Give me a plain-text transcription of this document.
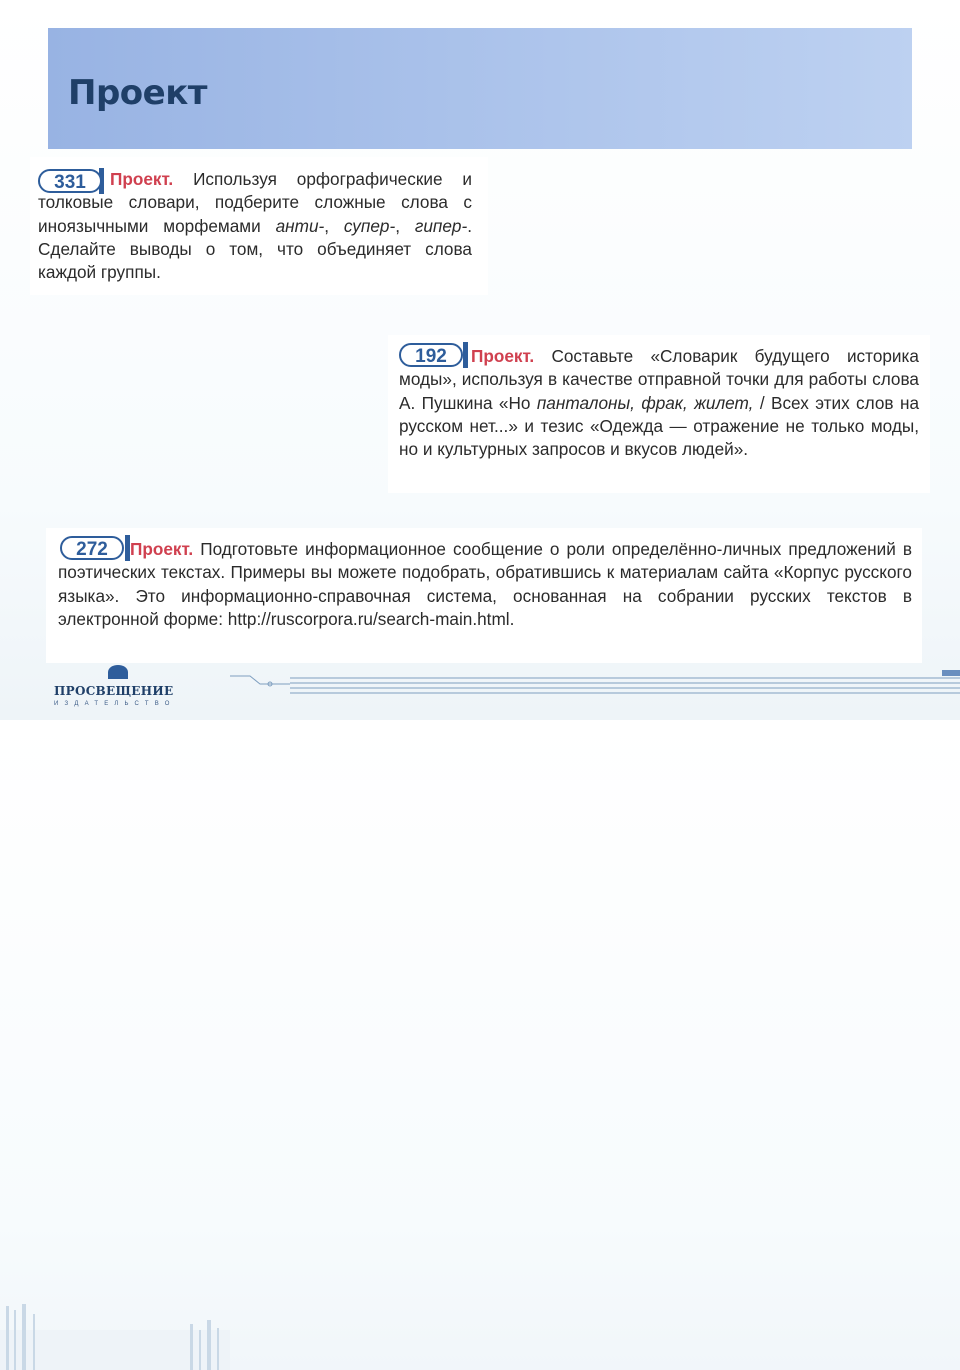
Проект
331	Проект. Используя орфографические и толковые словари, подберите сложные слова с иноязычными морфемами анти-, супер-, гипер-. Сделайте выводы о том, что объединяет слова каждой группы.
192	Проект. Составьте «Словарик будущего историка моды», используя в качестве отправной точки для работы слова А. Пушкина «Но панталоны, фрак, жилет, / Всех этих слов на русском нет...» и тезис «Одежда — отражение не только моды, но и культурных запросов и вкусов людей».
272	Проект. Подготовьте информационное сообщение о роли определённо-личных предложений в поэтических текстах. Примеры вы можете подобрать, обратившись к материалам сайта «Корпус русского языка». Это информационно-справочная система, основанная на собрании русских текстов в электронной форме: http://ruscorpora.ru/search-main.html.
ПРОСВЕЩЕНИЕ
ИЗДАТЕЛЬСТВО
